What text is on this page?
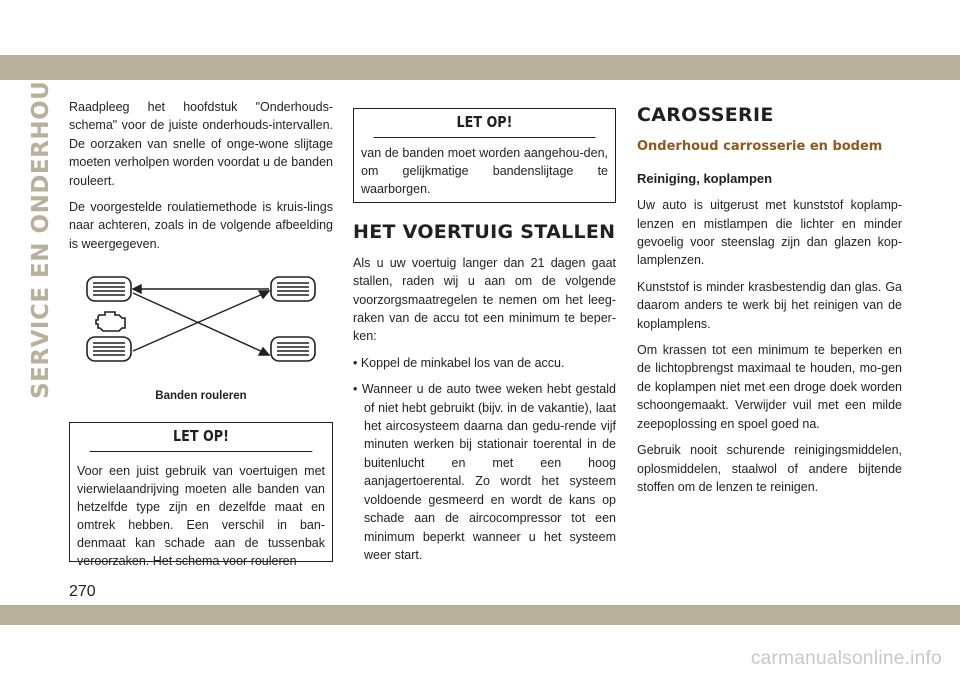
SERVICE EN ONDERHOUD Raadpleeg het hoofdstuk "Onderhouds-schema" voor de juiste onderhouds-intervallen. De oorzaken van snelle of onge-wone slijtage moeten verholpen worden voordat u de banden rouleert.

De voorgestelde roulatiemethode is kruis-lings naar achteren, zoals in de volgende afbeelding is weergegeven.

Banden rouleren
LET OP!
Voor een juist gebruik van voertuigen met vierwielaandrijving moeten alle banden van hetzelfde type zijn en dezelfde maat en omtrek hebben. Een verschil in ban-denmaat kan schade aan de tussenbak veroorzaken. Het schema voor rouleren
LET OP!
van de banden moet worden aangehou-den, om gelijkmatige bandenslijtage te waarborgen.
HET VOERTUIG STALLEN

Als u uw voertuig langer dan 21 dagen gaat stallen, raden wij u aan om de volgende voorzorgsmaatregelen te nemen om het leeg-raken van de accu tot een minimum te beper-ken:

• Koppel de minkabel los van de accu.

• Wanneer u de auto twee weken hebt gestald of niet hebt gebruikt (bijv. in de vakantie), laat het aircosysteem daarna dan gedu-rende vijf minuten werken bij stationair toerental in de buitenlucht en met een hoog aanjagertoerental. Zo wordt het systeem voldoende gesmeerd en wordt de kans op schade aan de aircocompressor tot een minimum beperkt wanneer u het systeem weer start.

CAROSSERIE
Onderhoud carrosserie en bodem
Reiniging, koplampen

Uw auto is uitgerust met kunststof koplamp-lenzen en mistlampen die lichter en minder gevoelig voor steenslag zijn dan glazen kop-lamplenzen.

Kunststof is minder krasbestendig dan glas. Ga daarom anders te werk bij het reinigen van de koplamplens.

Om krassen tot een minimum te beperken en de lichtopbrengst maximaal te houden, mo-gen de koplampen niet met een droge doek worden schoongemaakt. Verwijder vuil met een milde zeepoplossing en spoel goed na.

Gebruik nooit schurende reinigingsmiddelen, oplosmiddelen, staalwol of andere bijtende stoffen om de lenzen te reinigen.

270
carmanualsonline.info
